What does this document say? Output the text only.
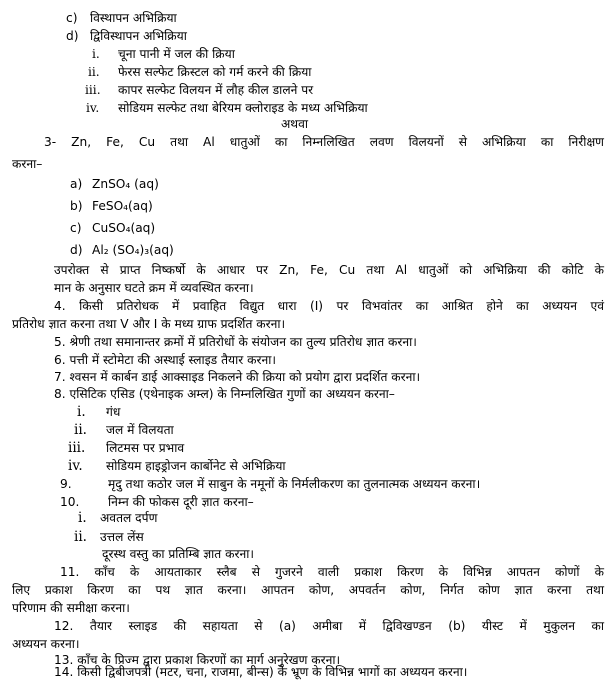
c) विस्थापन अभिक्रिया
d) द्विविस्थापन अभिक्रिया
i. चूना पानी में जल की क्रिया
ii. फेरस सल्फेट क्रिस्टल को गर्म करने की क्रिया
iii. कापर सल्फेट विलयन में लौह कील डालने पर
iv. सोडियम सल्फेट तथा बेरियम क्लोराइड के मध्य अभिक्रिया
अथवा
3- Zn, Fe, Cu तथा Al धातुओं का निम्नलिखित लवण विलयनों से अभिक्रिया का निरीक्षण
करना–
a) ZnSO₄ (aq)
b) FeSO₄(aq)
c) CuSO₄(aq)
d) Al₂ (SO₄)₃(aq)
उपरोक्त से प्राप्त निष्कर्षो के आधार पर Zn, Fe, Cu तथा Al धातुओं को अभिक्रिया की कोटि के
मान के अनुसार घटते क्रम में व्यवस्थित करना।
4. किसी प्रतिरोधक में प्रवाहित विद्युत धारा (I) पर विभवांतर का आश्रित होने का अध्ययन एवं
प्रतिरोध ज्ञात करना तथा V और I के मध्य ग्राफ प्रदर्शित करना।
5. श्रेणी तथा समानान्तर क्रमों में प्रतिरोधों के संयोजन का तुल्य प्रतिरोध ज्ञात करना।
6. पत्ती में स्टोमेटा की अस्थाई स्लाइड तैयार करना।
7. श्वसन में कार्बन डाई आक्साइड निकलने की क्रिया को प्रयोग द्वारा प्रदर्शित करना।
8. एसिटिक एसिड (एथेनाइक अम्ल) के निम्नलिखित गुणों का अध्ययन करना–
i. गंध
ii. जल में विलयता
iii. लिटमस पर प्रभाव
iv. सोडियम हाइड्रोजन कार्बोनेट से अभिक्रिया
9.	मृदु तथा कठोर जल में साबुन के नमूनों के निर्मलीकरण का तुलनात्मक अध्ययन करना।
10. निम्न की फोकस दूरी ज्ञात करना–
i. अवतल दर्पण
ii. उत्तल लेंस
दूरस्थ वस्तु का प्रतिम्बि ज्ञात करना।
11. काँच के आयताकार स्लैब से गुजरने वाली प्रकाश किरण के विभिन्न आपतन कोणों के
लिए प्रकाश किरण का पथ ज्ञात करना। आपतन कोण, अपवर्तन कोण, निर्गत कोण ज्ञात करना तथा
परिणाम की समीक्षा करना।
12. तैयार स्लाइड की सहायता से (a) अमीबा में द्विविखण्डन (b) यीस्ट में मुकुलन का
अध्ययन करना।
13. काँच के प्रिज्म द्वारा प्रकाश किरणों का मार्ग अनुरेखण करना।
14. किसी द्विबीजपत्री (मटर, चना, राजमा, बीन्स) के भ्रूण के विभिन्न भागों का अध्ययन करना।
